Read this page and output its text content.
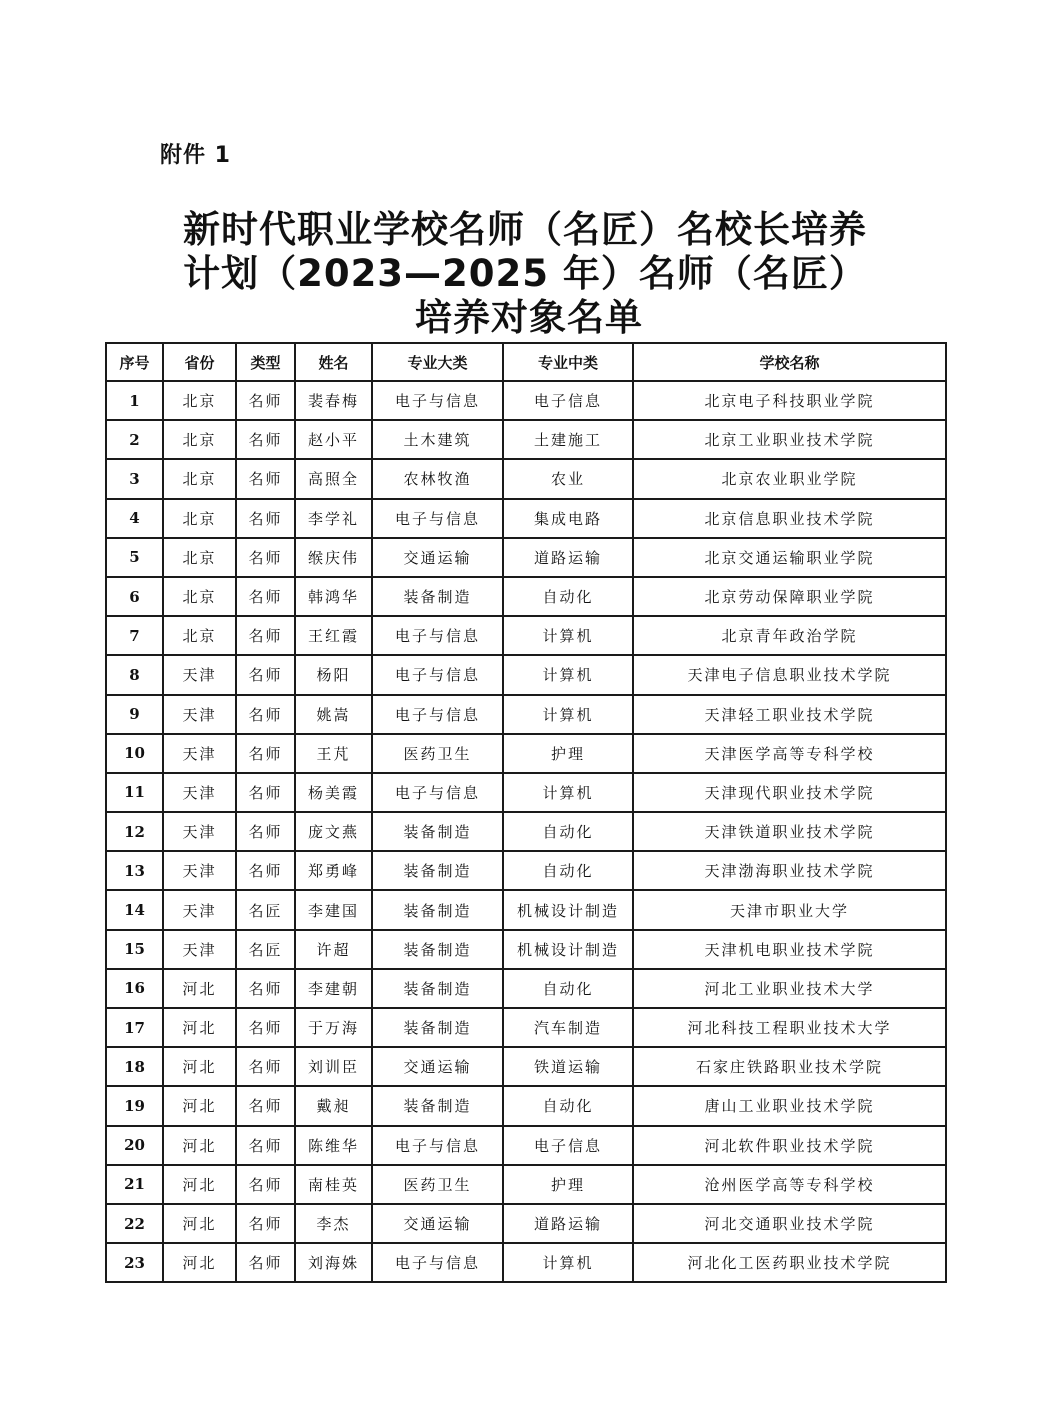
附件 1
新时代职业学校名师（名匠）名校长培养
计划（2023—2025 年）名师（名匠）
培养对象名单
序号	省份	类型	姓名	专业大类	专业中类	学校名称
1	北京	名师	裴春梅	电子与信息	电子信息	北京电子科技职业学院
2	北京	名师	赵小平	土木建筑	土建施工	北京工业职业技术学院
3	北京	名师	高照全	农林牧渔	农业	北京农业职业学院
4	北京	名师	李学礼	电子与信息	集成电路	北京信息职业技术学院
5	北京	名师	缑庆伟	交通运输	道路运输	北京交通运输职业学院
6	北京	名师	韩鸿华	装备制造	自动化	北京劳动保障职业学院
7	北京	名师	王红霞	电子与信息	计算机	北京青年政治学院
8	天津	名师	杨阳	电子与信息	计算机	天津电子信息职业技术学院
9	天津	名师	姚嵩	电子与信息	计算机	天津轻工职业技术学院
10	天津	名师	王芃	医药卫生	护理	天津医学高等专科学校
11	天津	名师	杨美霞	电子与信息	计算机	天津现代职业技术学院
12	天津	名师	庞文燕	装备制造	自动化	天津铁道职业技术学院
13	天津	名师	郑勇峰	装备制造	自动化	天津渤海职业技术学院
14	天津	名匠	李建国	装备制造	机械设计制造	天津市职业大学
15	天津	名匠	许超	装备制造	机械设计制造	天津机电职业技术学院
16	河北	名师	李建朝	装备制造	自动化	河北工业职业技术大学
17	河北	名师	于万海	装备制造	汽车制造	河北科技工程职业技术大学
18	河北	名师	刘训臣	交通运输	铁道运输	石家庄铁路职业技术学院
19	河北	名师	戴昶	装备制造	自动化	唐山工业职业技术学院
20	河北	名师	陈维华	电子与信息	电子信息	河北软件职业技术学院
21	河北	名师	南桂英	医药卫生	护理	沧州医学高等专科学校
22	河北	名师	李杰	交通运输	道路运输	河北交通职业技术学院
23	河北	名师	刘海姝	电子与信息	计算机	河北化工医药职业技术学院
